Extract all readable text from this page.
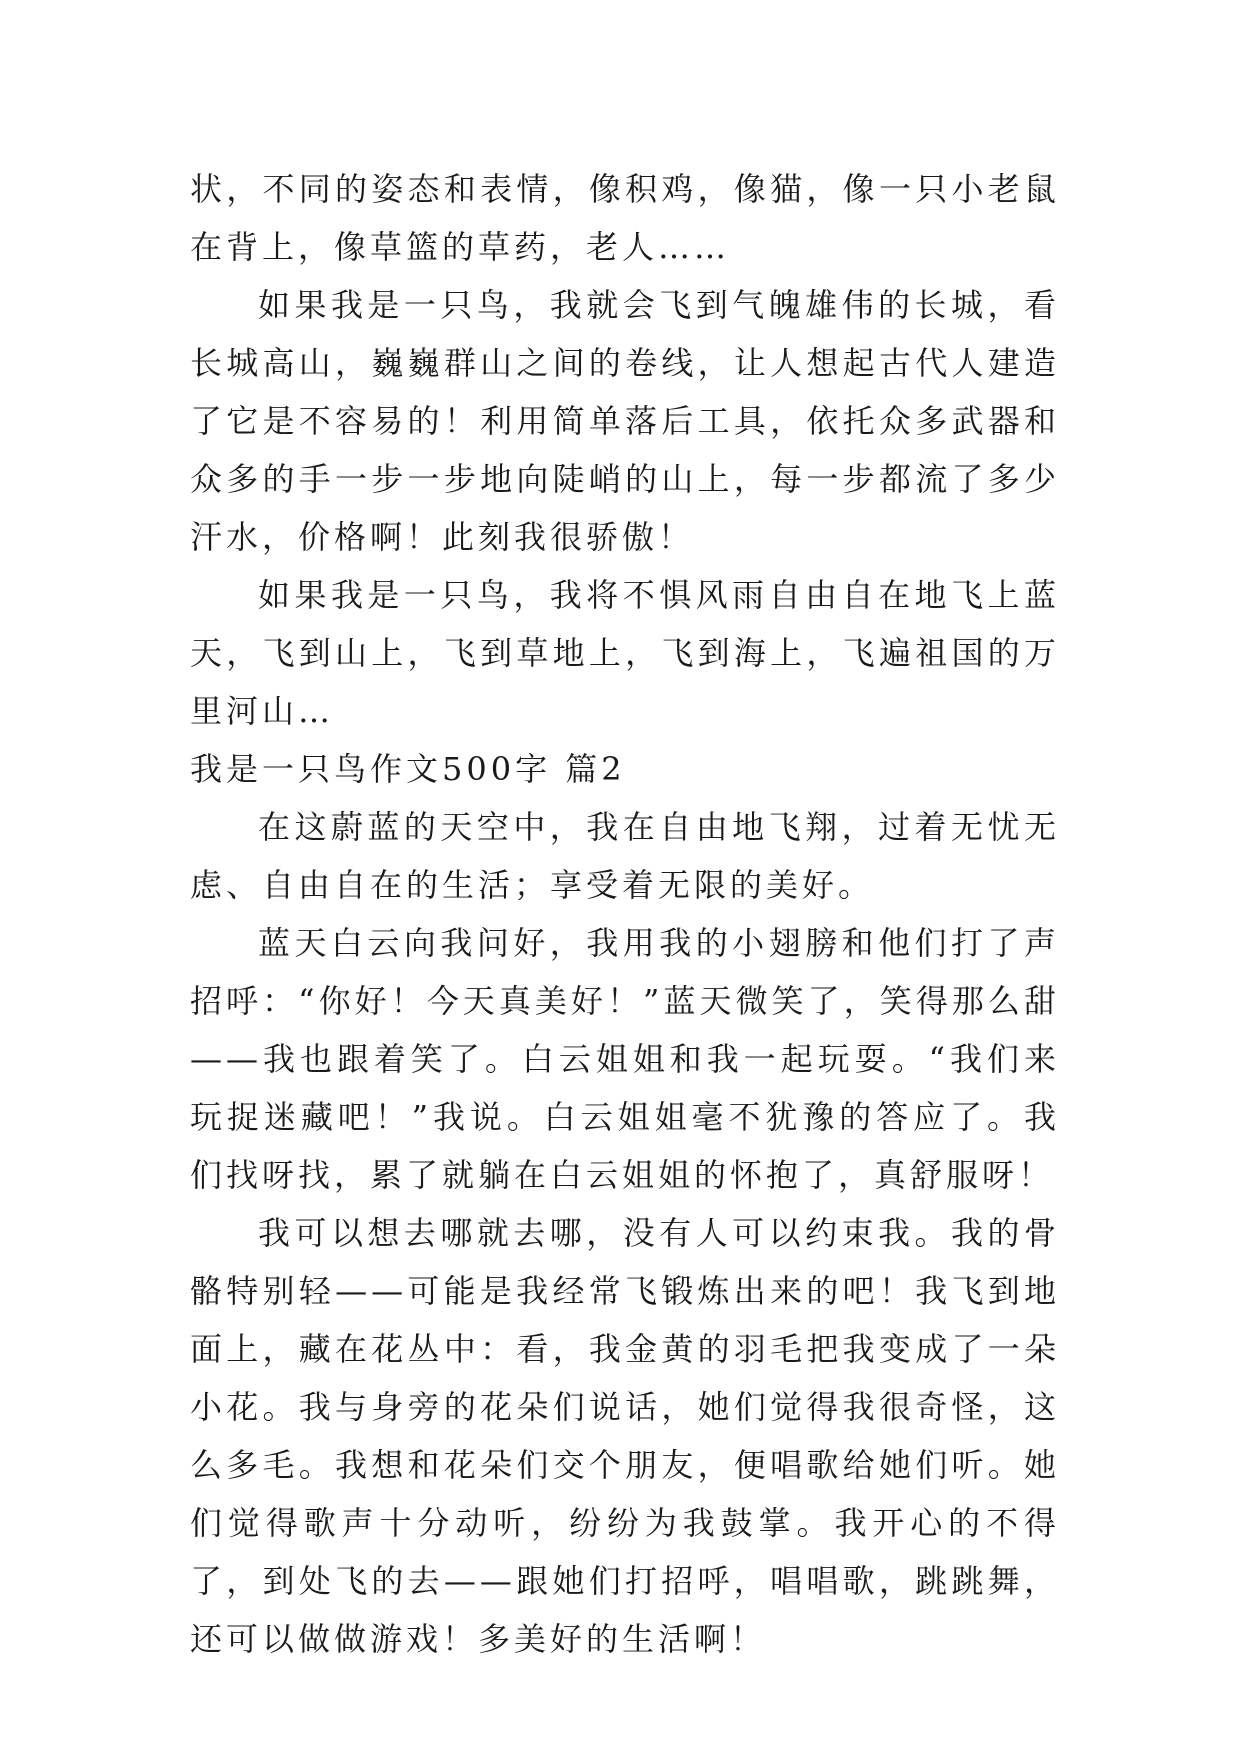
状，不同的姿态和表情，像积鸡，像猫，像一只小老鼠在背上，像草篮的草药，老人……

如果我是一只鸟，我就会飞到气魄雄伟的长城，看长城高山，巍巍群山之间的卷线，让人想起古代人建造了它是不容易的！利用简单落后工具，依托众多武器和众多的手一步一步地向陡峭的山上，每一步都流了多少汗水，价格啊！此刻我很骄傲！

如果我是一只鸟，我将不惧风雨自由自在地飞上蓝天，飞到山上，飞到草地上，飞到海上，飞遍祖国的万里河山…

我是一只鸟作文500字 篇2

在这蔚蓝的天空中，我在自由地飞翔，过着无忧无虑、自由自在的生活；享受着无限的美好。

蓝天白云向我问好，我用我的小翅膀和他们打了声招呼：“你好！今天真美好！”蓝天微笑了，笑得那么甜——我也跟着笑了。白云姐姐和我一起玩耍。“我们来玩捉迷藏吧！”我说。白云姐姐毫不犹豫的答应了。我们找呀找，累了就躺在白云姐姐的怀抱了，真舒服呀！

我可以想去哪就去哪，没有人可以约束我。我的骨骼特别轻——可能是我经常飞锻炼出来的吧！我飞到地面上，藏在花丛中：看，我金黄的羽毛把我变成了一朵小花。我与身旁的花朵们说话，她们觉得我很奇怪，这么多毛。我想和花朵们交个朋友，便唱歌给她们听。她们觉得歌声十分动听，纷纷为我鼓掌。我开心的不得了，到处飞的去——跟她们打招呼，唱唱歌，跳跳舞，还可以做做游戏！多美好的生活啊！
